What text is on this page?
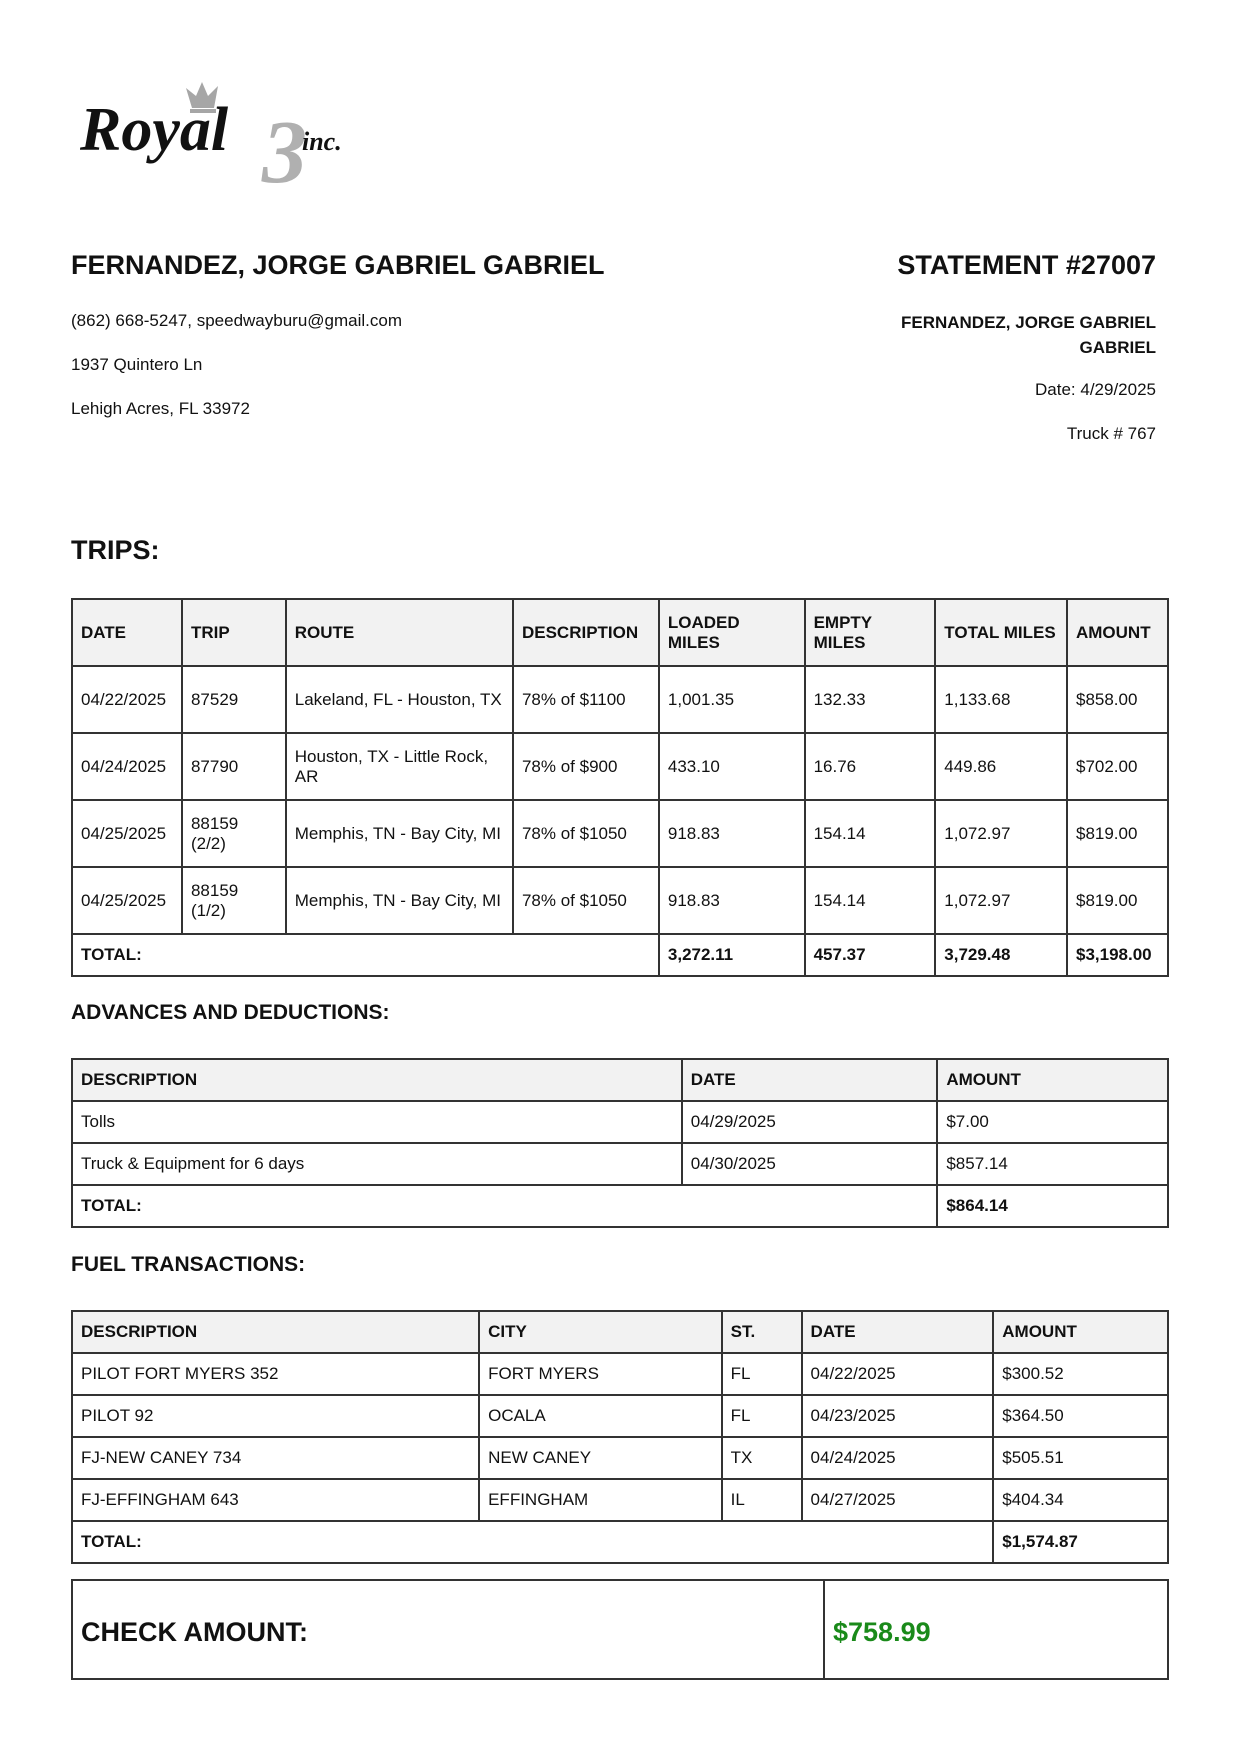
Royal 3
inc.
FERNANDEZ, JORGE GABRIEL GABRIEL
(862) 668-5247, speedwayburu@gmail.com
1937 Quintero Ln
Lehigh Acres, FL 33972
STATEMENT #27007
FERNANDEZ, JORGE GABRIEL GABRIEL
Date: 4/29/2025
Truck # 767
TRIPS:
DATE	TRIP	ROUTE	DESCRIPTION	LOADED MILES	EMPTY MILES	TOTAL MILES	AMOUNT
04/22/2025	87529	Lakeland, FL - Houston, TX	78% of $1100	1,001.35	132.33	1,133.68	$858.00
04/24/2025	87790	Houston, TX - Little Rock, AR	78% of $900	433.10	16.76	449.86	$702.00
04/25/2025	88159 (2/2)	Memphis, TN - Bay City, MI	78% of $1050	918.83	154.14	1,072.97	$819.00
04/25/2025	88159 (1/2)	Memphis, TN - Bay City, MI	78% of $1050	918.83	154.14	1,072.97	$819.00
TOTAL:				3,272.11	457.37	3,729.48	$3,198.00
ADVANCES AND DEDUCTIONS:
DESCRIPTION	DATE	AMOUNT
Tolls	04/29/2025	$7.00
Truck & Equipment for 6 days	04/30/2025	$857.14
TOTAL:		$864.14
FUEL TRANSACTIONS:
DESCRIPTION	CITY	ST.	DATE	AMOUNT
PILOT FORT MYERS 352	FORT MYERS	FL	04/22/2025	$300.52
PILOT 92	OCALA	FL	04/23/2025	$364.50
FJ-NEW CANEY 734	NEW CANEY	TX	04/24/2025	$505.51
FJ-EFFINGHAM 643	EFFINGHAM	IL	04/27/2025	$404.34
TOTAL:				$1,574.87
CHECK AMOUNT:	$758.99
